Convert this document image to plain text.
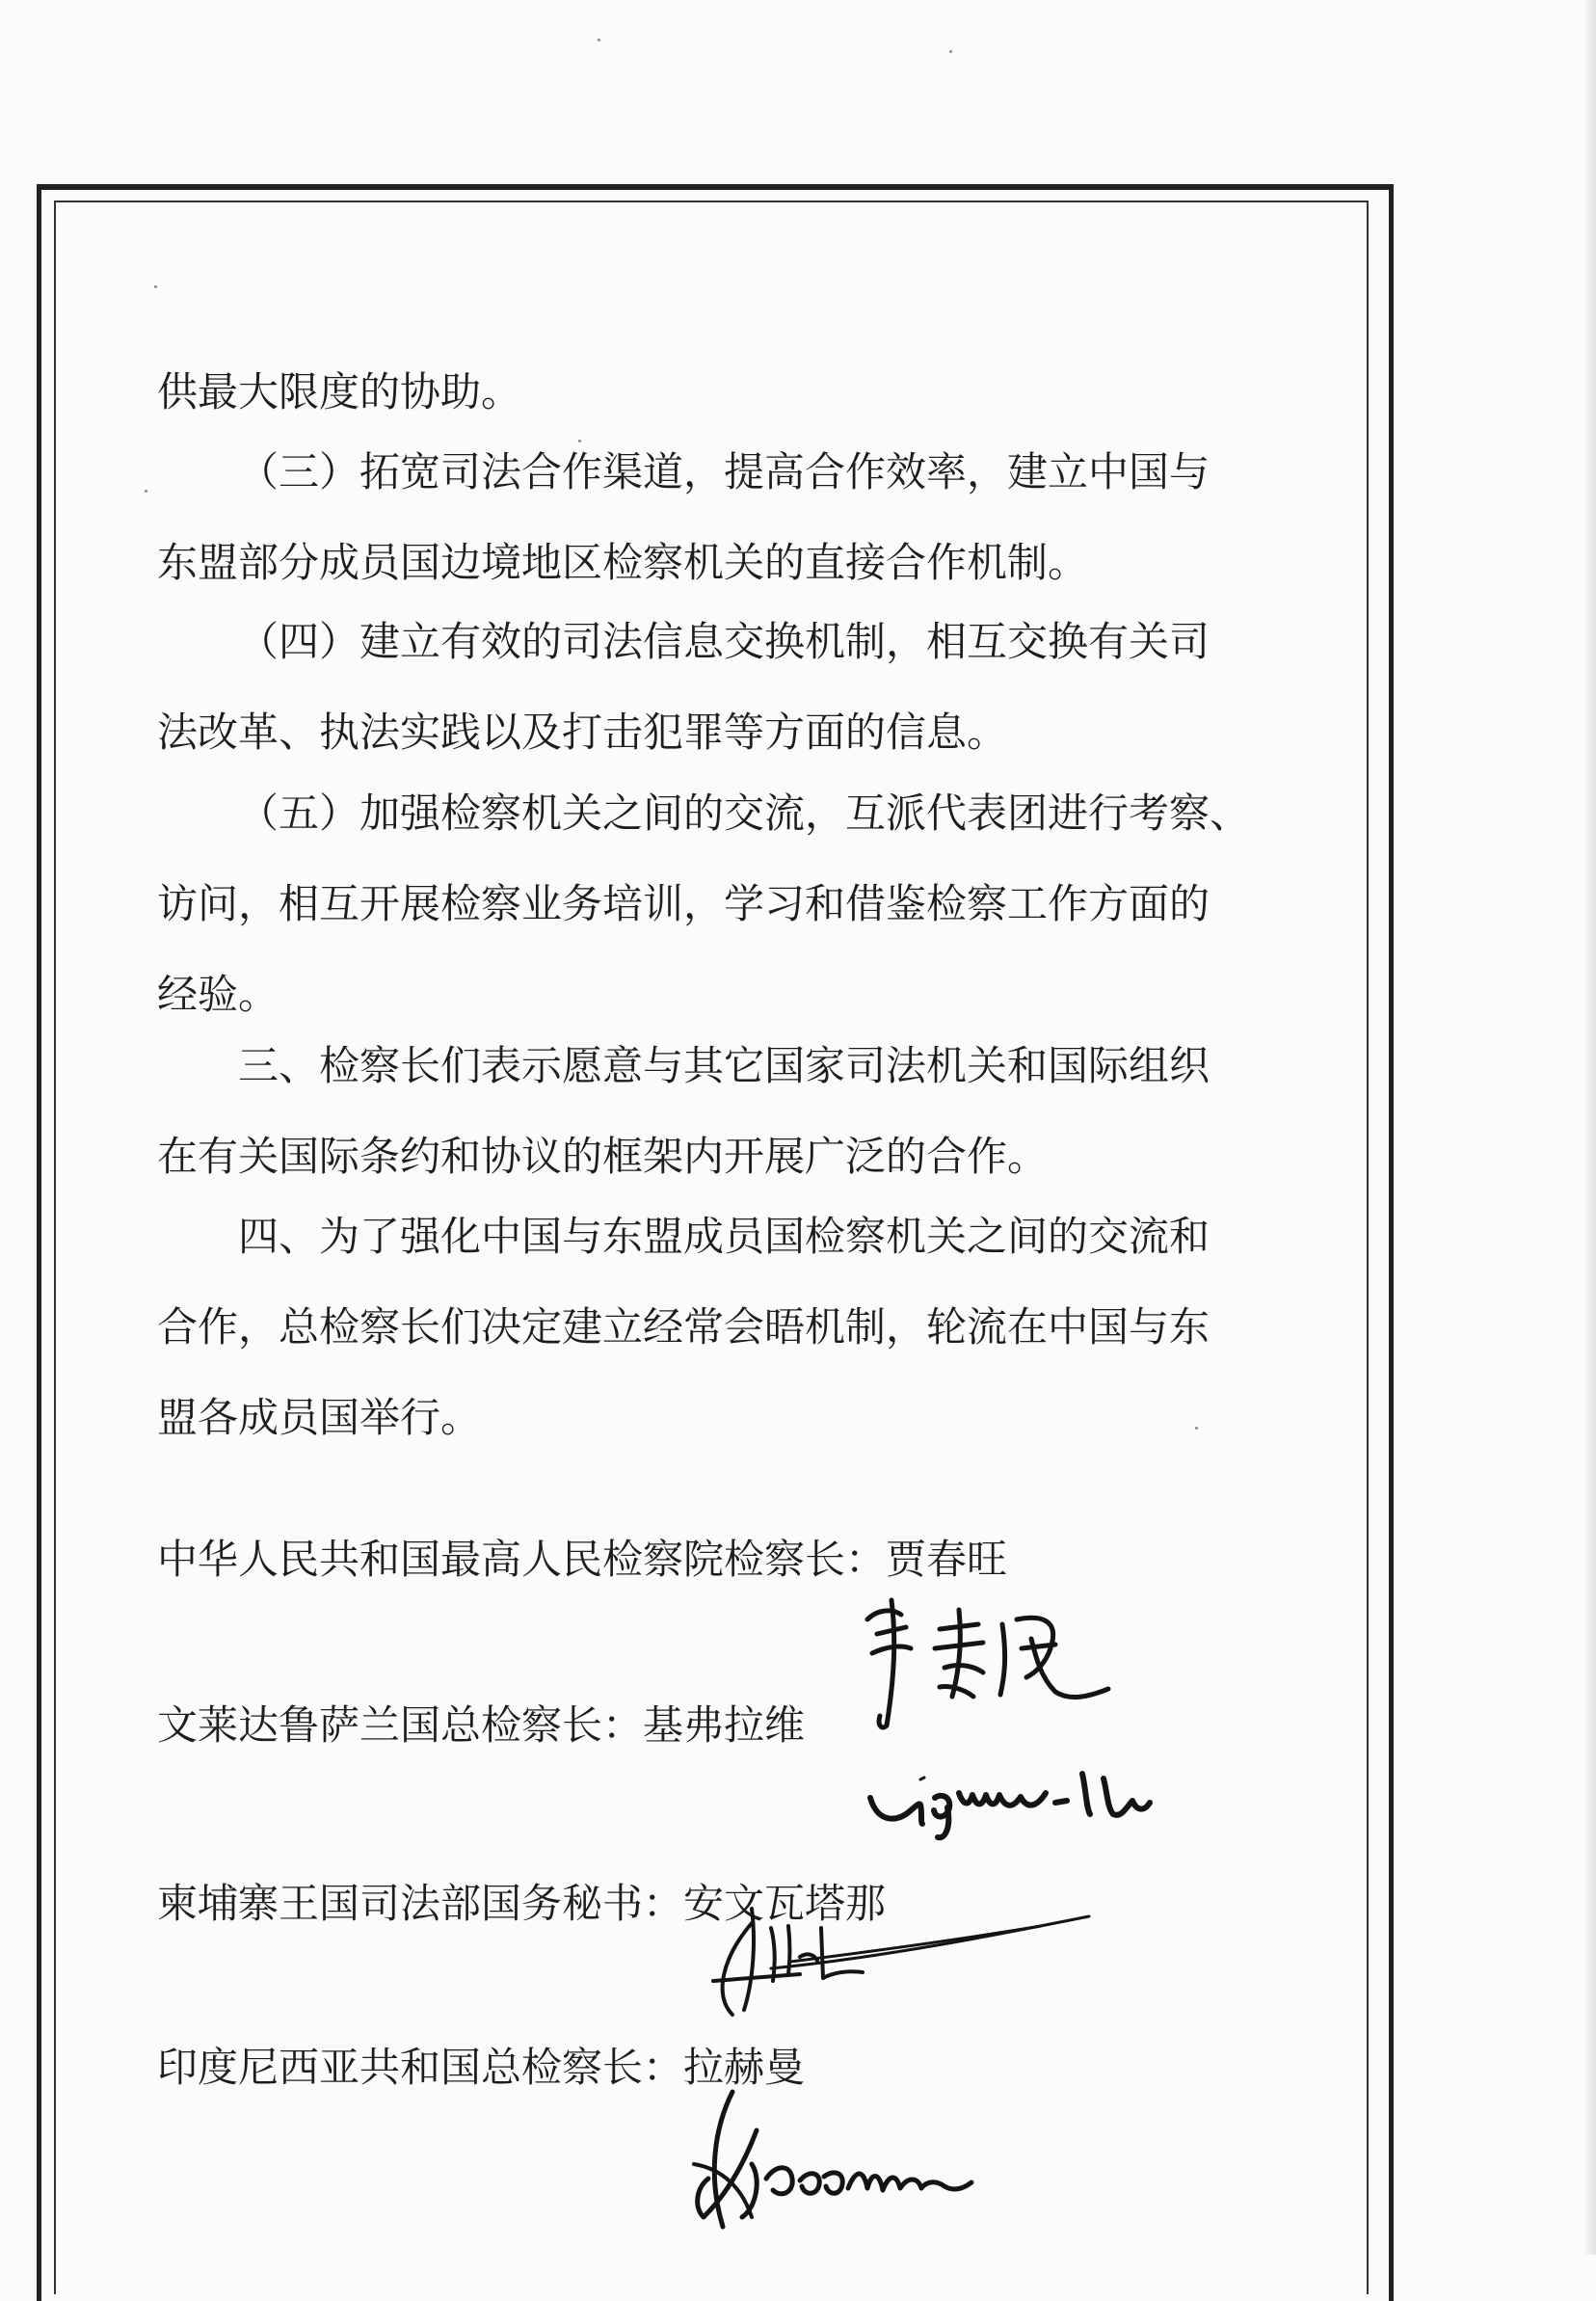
供最大限度的协助。

（三）拓宽司法合作渠道，提高合作效率，建立中国与
东盟部分成员国边境地区检察机关的直接合作机制。

（四）建立有效的司法信息交换机制，相互交换有关司
法改革、执法实践以及打击犯罪等方面的信息。

（五）加强检察机关之间的交流，互派代表团进行考察、
访问，相互开展检察业务培训，学习和借鉴检察工作方面的
经验。

三、检察长们表示愿意与其它国家司法机关和国际组织
在有关国际条约和协议的框架内开展广泛的合作。

四、为了强化中国与东盟成员国检察机关之间的交流和
合作，总检察长们决定建立经常会晤机制，轮流在中国与东
盟各成员国举行。

中华人民共和国最高人民检察院检察长：贾春旺
文莱达鲁萨兰国总检察长：基弗拉维
柬埔寨王国司法部国务秘书：安文瓦塔那
印度尼西亚共和国总检察长：拉赫曼
